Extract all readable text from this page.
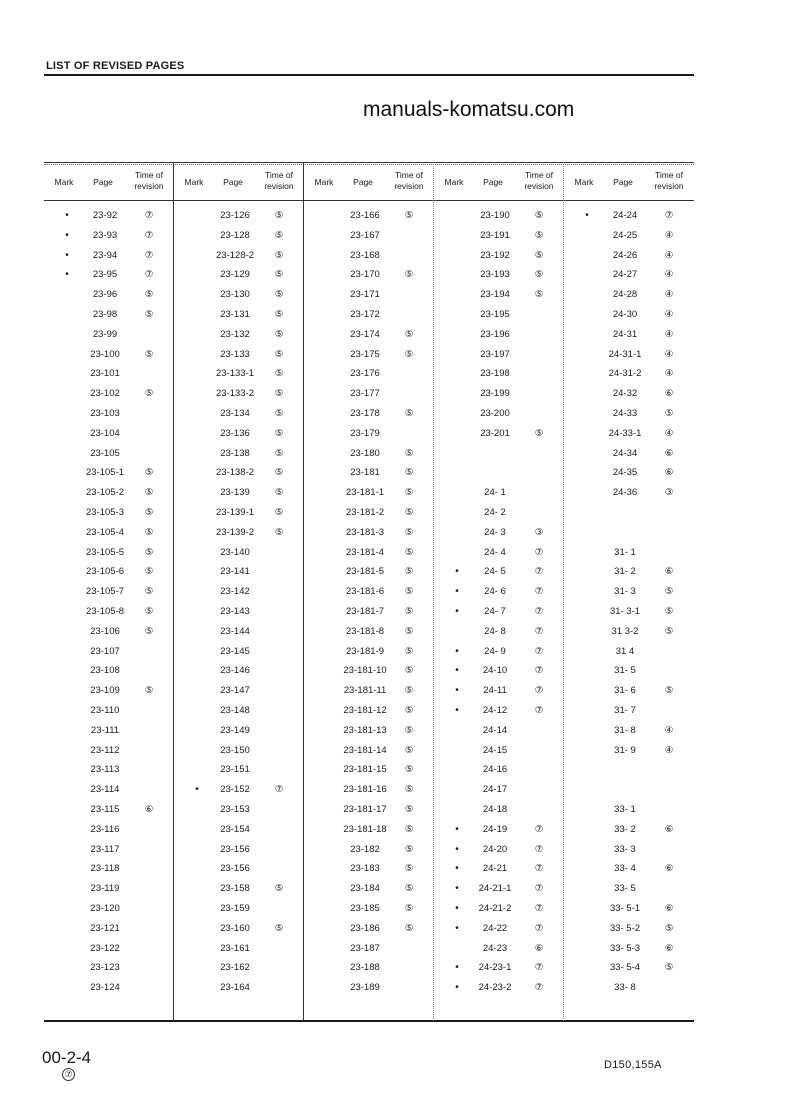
LIST OF REVISED PAGES
manuals-komatsu.com
Mark	Page
Time of revision
•	23-92	⑦
•	23-93	⑦
•	23-94	⑦
•	23-95	⑦
23-96	⑤
23-98	⑤
23-99
23-100	⑤
23-101
23-102	⑤
23-103
23-104
23-105
23-105-1	⑤
23-105-2	⑤
23-105-3	⑤
23-105-4	⑤
23-105-5	⑤
23-105-6	⑤
23-105-7	⑤
23-105-8	⑤
23-106	⑤
23-107
23-108
23-109	⑤
23-110
23-111
23-112
23-113
23-114
23-115	⑥
23-116
23-117
23-118
23-119
23-120
23-121
23-122
23-123
23-124
Mark	Page
Time of revision
23-126	⑤
23-128	⑤
23-128-2	⑤
23-129	⑤
23-130	⑤
23-131	⑤
23-132	⑤
23-133	⑤
23-133-1	⑤
23-133-2	⑤
23-134	⑤
23-136	⑤
23-138	⑤
23-138-2	⑤
23-139	⑤
23-139-1	⑤
23-139-2	⑤
23-140
23-141
23-142
23-143
23-144
23-145
23-146
23-147
23-148
23-149
23-150
23-151
•	23-152	⑦
23-153
23-154
23-156
23-156
23-158	⑤
23-159
23-160	⑤
23-161
23-162
23-164
Mark	Page
Time of revision
23-166	⑤
23-167
23-168
23-170	⑤
23-171
23-172
23-174	⑤
23-175	⑤
23-176
23-177
23-178	⑤
23-179
23-180	⑤
23-181	⑤
23-181-1	⑤
23-181-2	⑤
23-181-3	⑤
23-181-4	⑤
23-181-5	⑤
23-181-6	⑤
23-181-7	⑤
23-181-8	⑤
23-181-9	⑤
23-181-10	⑤
23-181-11	⑤
23-181-12	⑤
23-181-13	⑤
23-181-14	⑤
23-181-15	⑤
23-181-16	⑤
23-181-17	⑤
23-181-18	⑤
23-182	⑤
23-183	⑤
23-184	⑤
23-185	⑤
23-186	⑤
23-187
23-188
23-189
Mark	Page
Time of revision
23-190	⑤
23-191	⑤
23-192	⑤
23-193	⑤
23-194	⑤
23-195
23-196
23-197
23-198
23-199
23-200
23-201	⑤
24- 1
24- 2
24- 3	③
24- 4	⑦
•	24- 5	⑦
•	24- 6	⑦
•	24- 7	⑦
24- 8	⑦
•	24- 9	⑦
•	24-10	⑦
•	24-11	⑦
•	24-12	⑦
24-14
24-15
24-16
24-17
24-18
•	24-19	⑦
•	24-20	⑦
•	24-21	⑦
•	24-21-1	⑦
•	24-21-2	⑦
•	24-22	⑦
24-23	⑥
•	24-23-1	⑦
•	24-23-2	⑦
Mark	Page
Time of revision
•	24-24	⑦
24-25	④
24-26	④
24-27	④
24-28	④
24-30	④
24-31	④
24-31-1	④
24-31-2	④
24-32	⑥
24-33	⑤
24-33-1	④
24-34	⑥
24-35	⑥
24-36	③
31- 1
31- 2	⑥
31- 3	⑤
31- 3-1	⑤
31 3-2	⑤
31 4
31- 5
31- 6	⑤
31- 7
31- 8	④
31- 9	④
33- 1
33- 2	⑥
33- 3
33- 4	⑥
33- 5
33- 5-1	⑥
33- 5-2	⑤
33- 5-3	⑥
33- 5-4	⑤
33- 8
00-2-4
⑦
D150,155A
